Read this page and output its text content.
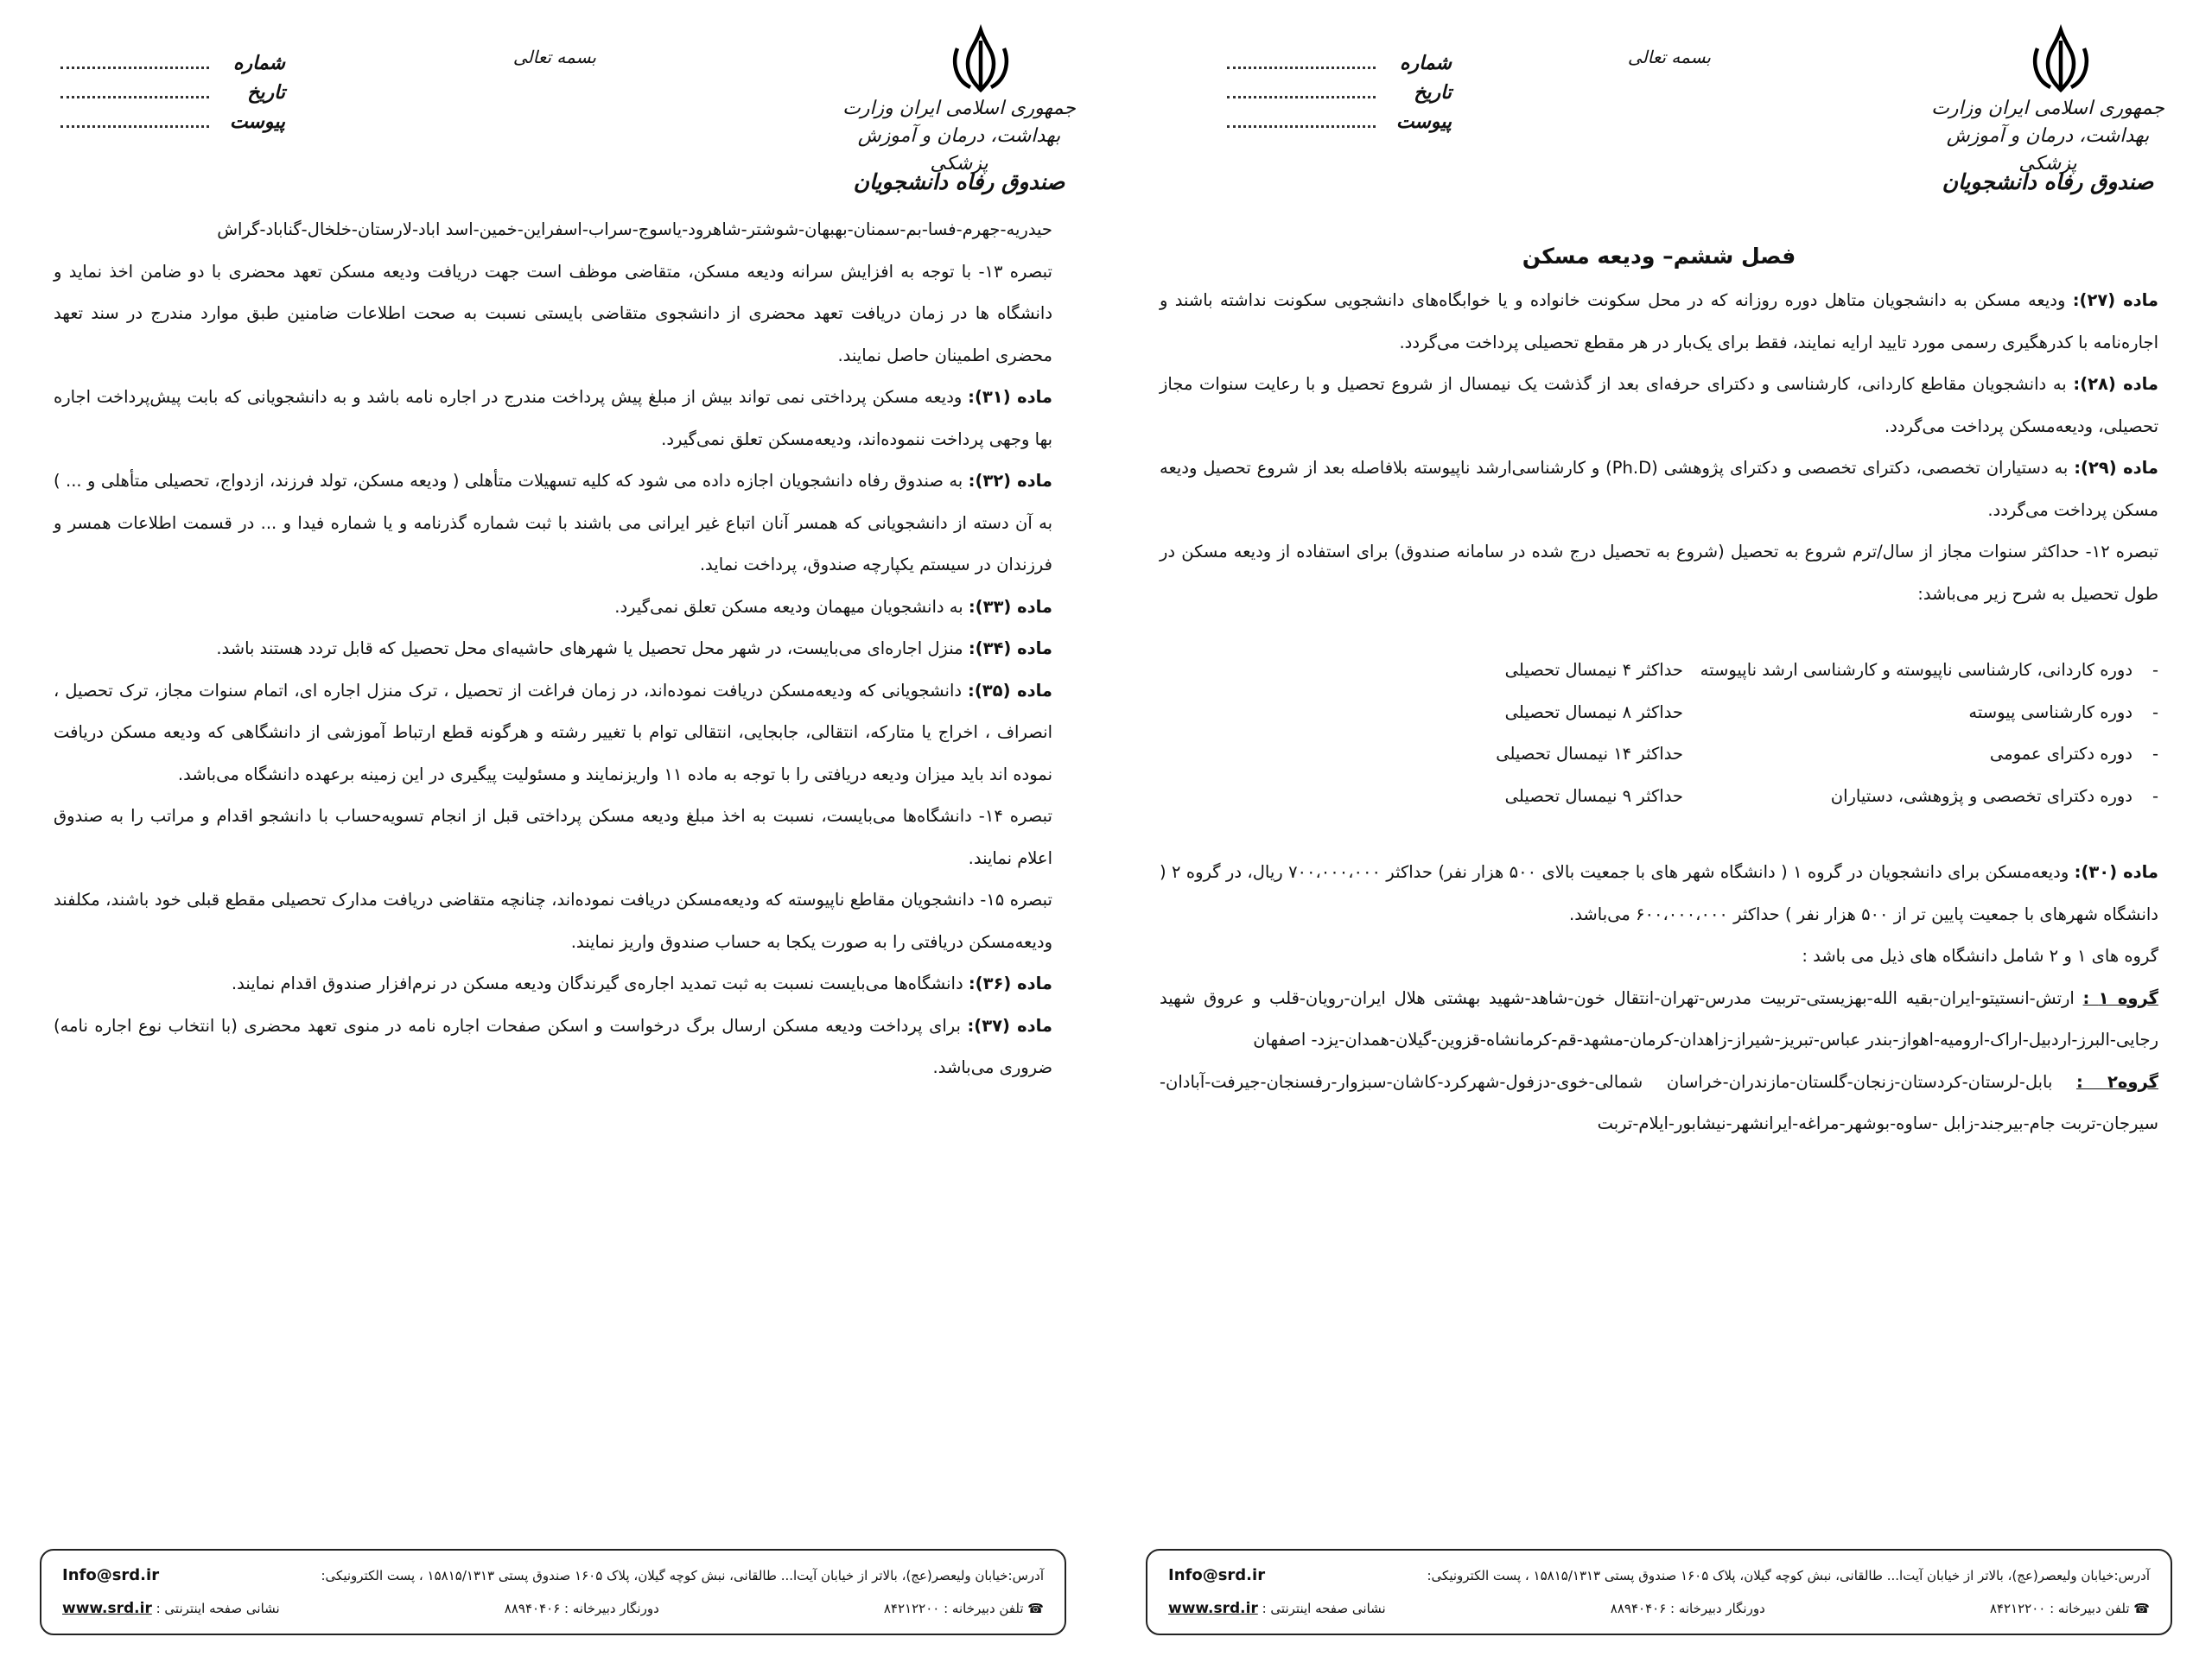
جمهوری اسلامی ایران وزارت بهداشت، درمان و آموزش پزشکی
صندوق رفاه دانشجویان
بسمه تعالی
شماره
تاریخ
پیوست

فصل ششم– ودیعه مسکن

ماده (۲۷): ودیعه مسکن به دانشجویان متاهل دوره روزانه که در محل سکونت خانواده و یا خوابگاه‌های دانشجویی سکونت نداشته باشند و اجاره‌نامه با کدرهگیری رسمی مورد تایید ارایه نمایند، فقط برای یک‌بار در هر مقطع تحصیلی پرداخت می‌گردد.

ماده (۲۸): به دانشجویان مقاطع کاردانی، کارشناسی و دکترای حرفه‌ای بعد از گذشت یک نیمسال از شروع تحصیل و با رعایت سنوات مجاز تحصیلی، ودیعه‌مسکن پرداخت می‌گردد.

ماده (۲۹): به دستیاران تخصصی، دکترای تخصصی و دکترای پژوهشی (Ph.D) و کارشناسی‌ارشد ناپیوسته بلافاصله بعد از شروع تحصیل ودیعه مسکن پرداخت می‌گردد.

تبصره ۱۲- حداکثر سنوات مجاز از سال/ترم شروع به تحصیل (شروع به تحصیل درج شده در سامانه صندوق) برای استفاده از ودیعه مسکن در طول تحصیل به شرح زیر می‌باشد:

-
دوره کاردانی، کارشناسی ناپیوسته و کارشناسی ارشد ناپیوسته
حداکثر ۴ نیمسال تحصیلی
-
دوره کارشناسی پیوسته
حداکثر ۸ نیمسال تحصیلی
-
دوره دکترای عمومی
حداکثر ۱۴ نیمسال تحصیلی
-
دوره دکترای تخصصی و پژوهشی، دستیاران
حداکثر ۹ نیمسال تحصیلی

ماده (۳۰): ودیعه‌مسکن برای دانشجویان در گروه ۱ ( دانشگاه شهر های با جمعیت بالای ۵۰۰ هزار نفر) حداکثر ۷۰۰،۰۰۰،۰۰۰ ریال، در گروه ۲ ( دانشگاه شهرهای با جمعیت پایین تر از ۵۰۰ هزار نفر ) حداکثر ۶۰۰،۰۰۰،۰۰۰ می‌باشد.

گروه های ۱ و ۲ شامل دانشگاه های ذیل می باشد :

گروه ۱ : ارتش-انستیتو-ایران-بقیه الله-بهزیستی-تربیت مدرس-تهران-انتقال خون-شاهد-شهید بهشتی هلال ایران-رویان-قلب و عروق شهید رجایی-البرز-اردبیل-اراک-ارومیه-اهواز-بندر عباس-تبریز-شیراز-زاهدان-کرمان-مشهد-قم-کرمانشاه-قزوین-گیلان-همدان-یزد- اصفهان

گروه۲ : بابل-لرستان-کردستان-زنجان-گلستان-مازندران-خراسان شمالی-خوی-دزفول-شهرکرد-کاشان-سبزوار-رفسنجان-جیرفت-آبادان-سیرجان-تربت جام-بیرجند-زابل -ساوه-بوشهر-مراغه-ایرانشهر-نیشابور-ایلام-تربت

آدرس:خیابان ولیعصر(عج)، بالاتر از خیابان آیت‌ا... طالقانی، نبش کوچه گیلان، پلاک ۱۶۰۵ صندوق پستی ۱۵۸۱۵/۱۳۱۳ ، پست الکترونیکی:
Info@srd.ir
☎ تلفن دبیرخانه : ۸۴۲۱۲۲۰۰
دورنگار دبیرخانه : ۸۸۹۴۰۴۰۶
نشانی صفحه اینترنتی : www.srd.ir
جمهوری اسلامی ایران وزارت بهداشت، درمان و آموزش پزشکی
صندوق رفاه دانشجویان
بسمه تعالی
شماره
تاریخ
پیوست

حیدریه-جهرم-فسا-بم-سمنان-بهبهان-شوشتر-شاهرود-یاسوج-سراب-اسفراین-خمین-اسد اباد-لارستان-خلخال-گناباد-گراش

تبصره ۱۳- با توجه به افزایش سرانه ودیعه مسکن، متقاضی موظف است جهت دریافت ودیعه مسکن تعهد محضری با دو ضامن اخذ نماید و دانشگاه ها در زمان دریافت تعهد محضری از دانشجوی متقاضی بایستی نسبت به صحت اطلاعات ضامنین طبق موارد مندرج در سند تعهد محضری اطمینان حاصل نمایند.

ماده (۳۱): ودیعه مسکن پرداختی نمی تواند بیش از مبلغ پیش پرداخت مندرج در اجاره نامه باشد و به دانشجویانی که بابت پیش‌پرداخت اجاره بها وجهی پرداخت ننموده‌اند، ودیعه‌مسکن تعلق نمی‌گیرد.

ماده (۳۲): به صندوق رفاه دانشجویان اجازه داده می شود که کلیه تسهیلات متأهلی ( ودیعه مسکن، تولد فرزند، ازدواج، تحصیلی متأهلی و ... ) به آن دسته از دانشجویانی که همسر آنان اتباع غیر ایرانی می باشند با ثبت شماره گذرنامه و یا شماره فیدا و ... در قسمت اطلاعات همسر و فرزندان در سیستم یکپارچه صندوق، پرداخت نماید.

ماده (۳۳): به دانشجویان میهمان ودیعه مسکن تعلق نمی‌گیرد.

ماده (۳۴): منزل اجاره‌ای می‌بایست، در شهر محل تحصیل یا شهرهای حاشیه‌ای محل تحصیل که قابل تردد هستند باشد.

ماده (۳۵): دانشجویانی که ودیعه‌مسکن دریافت نموده‌اند، در زمان فراغت از تحصیل ، ترک منزل اجاره ای، اتمام سنوات مجاز، ترک تحصیل ، انصراف ، اخراج یا متارکه، انتقالی، جابجایی، انتقالی توام با تغییر رشته و هرگونه قطع ارتباط آموزشی از دانشگاهی که ودیعه مسکن دریافت نموده اند باید میزان ودیعه دریافتی را با توجه به ماده ۱۱ واریزنمایند و مسئولیت پیگیری در این زمینه برعهده دانشگاه می‌باشد.

تبصره ۱۴- دانشگاه‌ها می‌بایست، نسبت به اخذ مبلغ ودیعه مسکن پرداختی قبل از انجام تسویه‌حساب با دانشجو اقدام و مراتب را به صندوق اعلام نمایند.

تبصره ۱۵- دانشجویان مقاطع ناپیوسته که ودیعه‌مسکن دریافت نموده‌اند، چنانچه متقاضی دریافت مدارک تحصیلی مقطع قبلی خود باشند، مکلفند ودیعه‌مسکن دریافتی را به صورت یکجا به حساب صندوق واریز نمایند.

ماده (۳۶): دانشگاه‌ها می‌بایست نسبت به ثبت تمدید اجاره‌ی گیرندگان ودیعه مسکن در نرم‌افزار صندوق اقدام نمایند.

ماده (۳۷): برای پرداخت ودیعه مسکن ارسال برگ درخواست و اسکن صفحات اجاره نامه در منوی تعهد محضری (با انتخاب نوع اجاره نامه) ضروری می‌باشد.

آدرس:خیابان ولیعصر(عج)، بالاتر از خیابان آیت‌ا... طالقانی، نبش کوچه گیلان، پلاک ۱۶۰۵ صندوق پستی ۱۵۸۱۵/۱۳۱۳ ، پست الکترونیکی:
Info@srd.ir
☎ تلفن دبیرخانه : ۸۴۲۱۲۲۰۰
دورنگار دبیرخانه : ۸۸۹۴۰۴۰۶
نشانی صفحه اینترنتی : www.srd.ir
